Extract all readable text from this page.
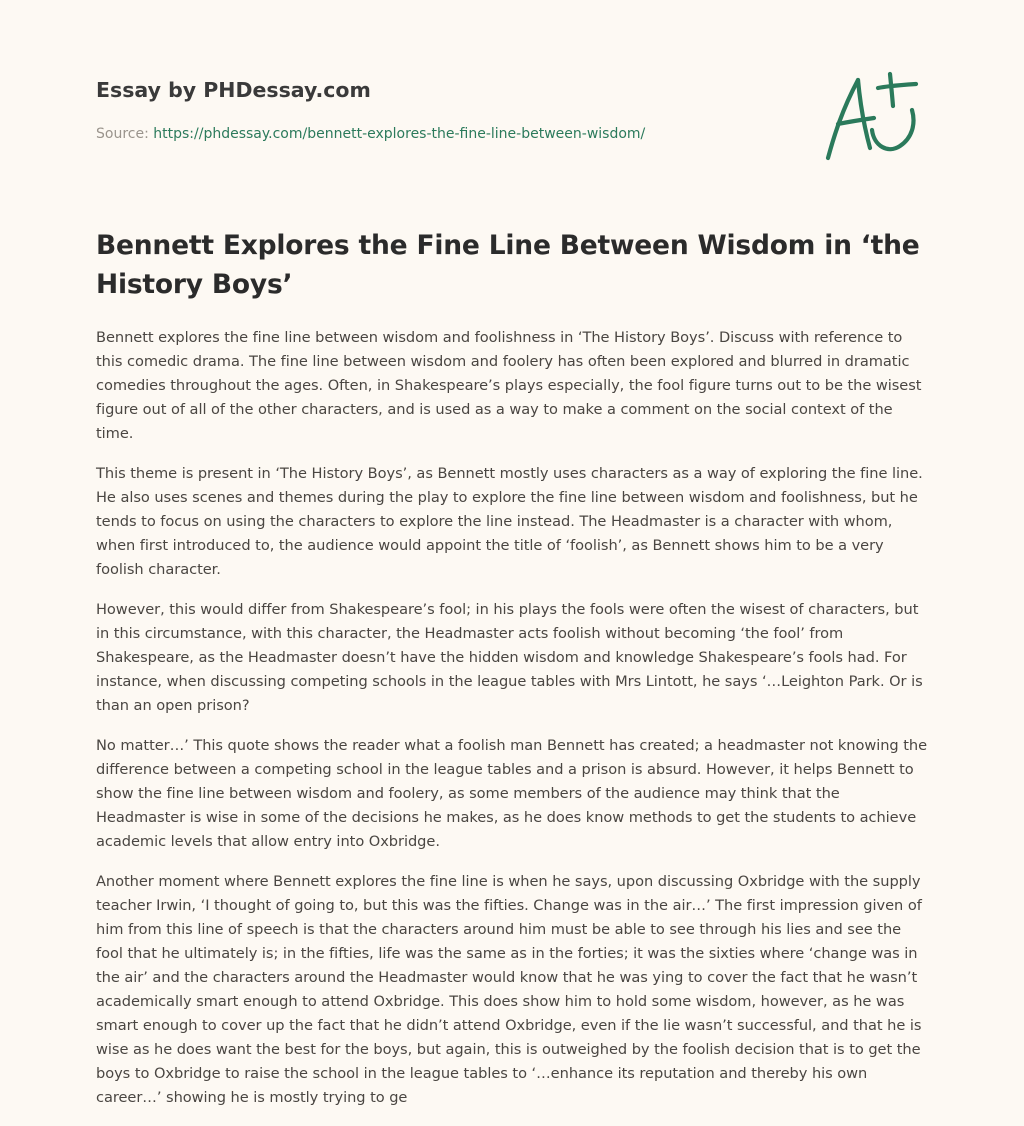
Essay by PHDessay.com
Source: https://phdessay.com/bennett-explores-the-fine-line-between-wisdom/
Bennett Explores the Fine Line Between Wisdom in ‘the History Boys’

Bennett explores the fine line between wisdom and foolishness in ‘The History Boys’. Discuss with reference to this comedic drama. The fine line between wisdom and foolery has often been explored and blurred in dramatic comedies throughout the ages. Often, in Shakespeare’s plays especially, the fool figure turns out to be the wisest figure out of all of the other characters, and is used as a way to make a comment on the social context of the time.

This theme is present in ‘The History Boys’, as Bennett mostly uses characters as a way of exploring the fine line. He also uses scenes and themes during the play to explore the fine line between wisdom and foolishness, but he tends to focus on using the characters to explore the line instead. The Headmaster is a character with whom, when first introduced to, the audience would appoint the title of ‘foolish’, as Bennett shows him to be a very foolish character.

However, this would differ from Shakespeare’s fool; in his plays the fools were often the wisest of characters, but in this circumstance, with this character, the Headmaster acts foolish without becoming ‘the fool’ from Shakespeare, as the Headmaster doesn’t have the hidden wisdom and knowledge Shakespeare’s fools had. For instance, when discussing competing schools in the league tables with Mrs Lintott, he says ‘…Leighton Park. Or is than an open prison?

No matter…’ This quote shows the reader what a foolish man Bennett has created; a headmaster not knowing the difference between a competing school in the league tables and a prison is absurd. However, it helps Bennett to show the fine line between wisdom and foolery, as some members of the audience may think that the Headmaster is wise in some of the decisions he makes, as he does know methods to get the students to achieve academic levels that allow entry into Oxbridge.

Another moment where Bennett explores the fine line is when he says, upon discussing Oxbridge with the supply teacher Irwin, ‘I thought of going to, but this was the fifties. Change was in the air…’ The first impression given of him from this line of speech is that the characters around him must be able to see through his lies and see the fool that he ultimately is; in the fifties, life was the same as in the forties; it was the sixties where ‘change was in the air’ and the characters around the Headmaster would know that he was ying to cover the fact that he wasn’t academically smart enough to attend Oxbridge. This does show him to hold some wisdom, however, as he was smart enough to cover up the fact that he didn’t attend Oxbridge, even if the lie wasn’t successful, and that he is wise as he does want the best for the boys, but again, this is outweighed by the foolish decision that is to get the boys to Oxbridge to raise the school in the league tables to ‘…enhance its reputation and thereby his own career…’ showing he is mostly trying to ge
